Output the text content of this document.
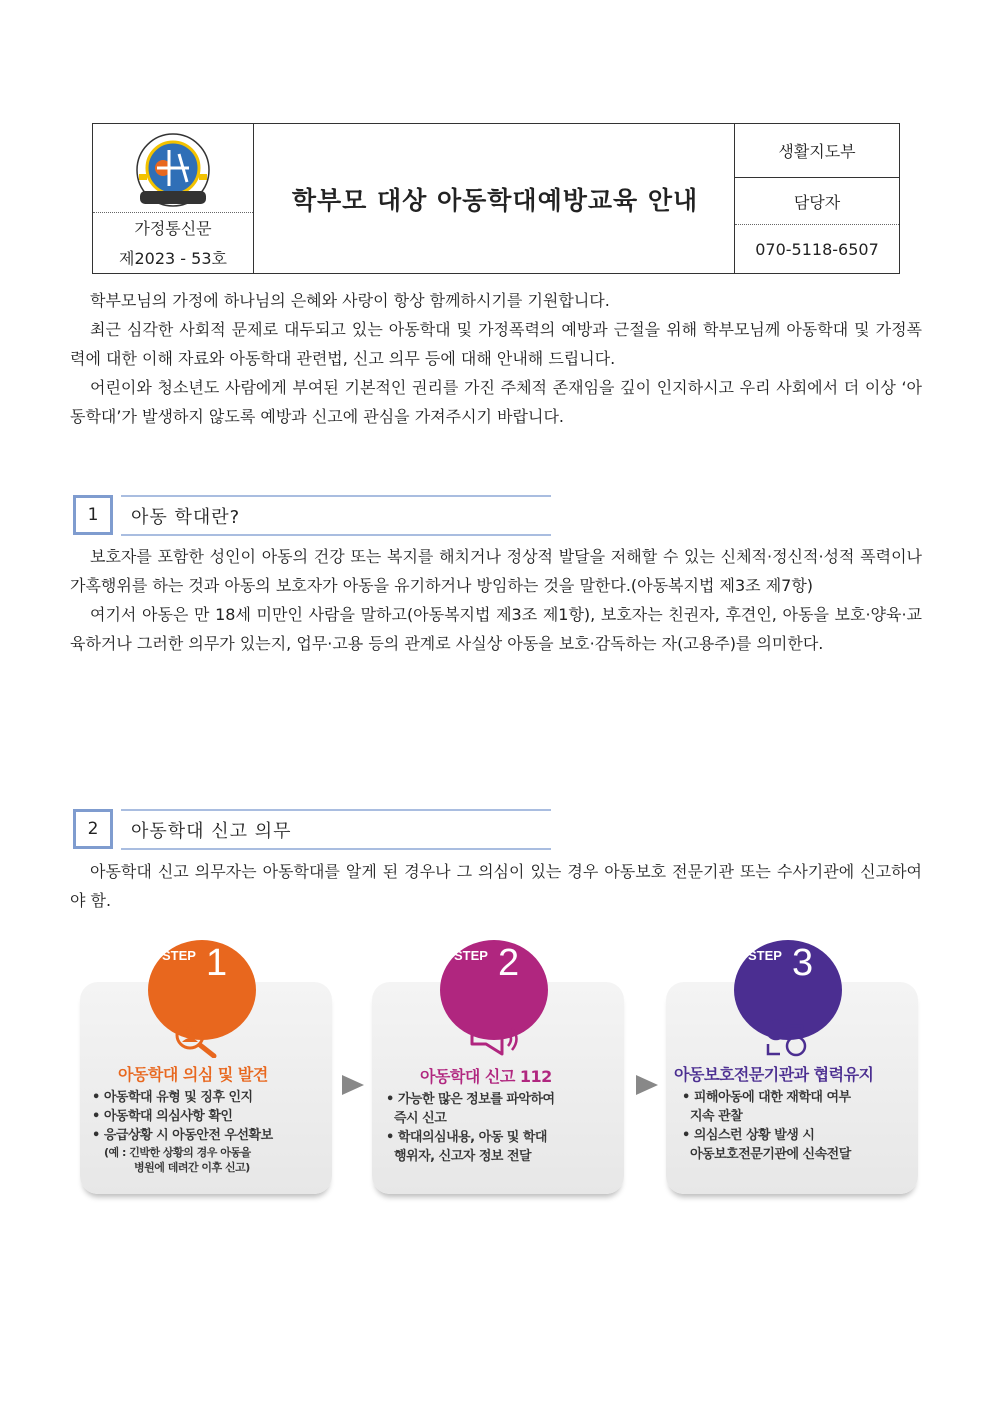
가정통신문
제2023 - 53호
학부모 대상 아동학대예방교육 안내
생활지도부
담당자
070-5118-6507

학부모님의 가정에 하나님의 은혜와 사랑이 항상 함께하시기를 기원합니다.

최근 심각한 사회적 문제로 대두되고 있는 아동학대 및 가정폭력의 예방과 근절을 위해 학부모님께 아동학대 및 가정폭력에 대한 이해 자료와 아동학대 관련법, 신고 의무 등에 대해 안내해 드립니다.

어린이와 청소년도 사람에게 부여된 기본적인 권리를 가진 주체적 존재임을 깊이 인지하시고 우리 사회에서 더 이상 ‘아동학대’가 발생하지 않도록 예방과 신고에 관심을 가져주시기 바랍니다.

1	아동 학대란?

보호자를 포함한 성인이 아동의 건강 또는 복지를 해치거나 정상적 발달을 저해할 수 있는 신체적·정신적·성적 폭력이나 가혹행위를 하는 것과 아동의 보호자가 아동을 유기하거나 방임하는 것을 말한다.(아동복지법 제3조 제7항)

여기서 아동은 만 18세 미만인 사람을 말하고(아동복지법 제3조 제1항), 보호자는 친권자, 후견인, 아동을 보호·양육·교육하거나 그러한 의무가 있는지, 업무·고용 등의 관계로 사실상 아동을 보호·감독하는 자(고용주)를 의미한다.

2	아동학대 신고 의무

아동학대 신고 의무자는 아동학대를 알게 된 경우나 그 의심이 있는 경우 아동보호 전문기관 또는 수사기관에 신고하여야 함.

STEP 1
아동학대 의심 및 발견
• 아동학대 유형 및 징후 인지
• 아동학대 의심사항 확인
• 응급상황 시 아동안전 우선확보
(예 : 긴박한 상황의 경우 아동을
병원에 데려간 이후 신고)
STEP 2
아동학대 신고 112
• 가능한 많은 정보를 파악하여
즉시 신고
• 학대의심내용, 아동 및 학대
행위자, 신고자 정보 전달
STEP 3
아동보호전문기관과 협력유지
• 피해아동에 대한 재학대 여부
지속 관찰
• 의심스런 상황 발생 시
아동보호전문기관에 신속전달
